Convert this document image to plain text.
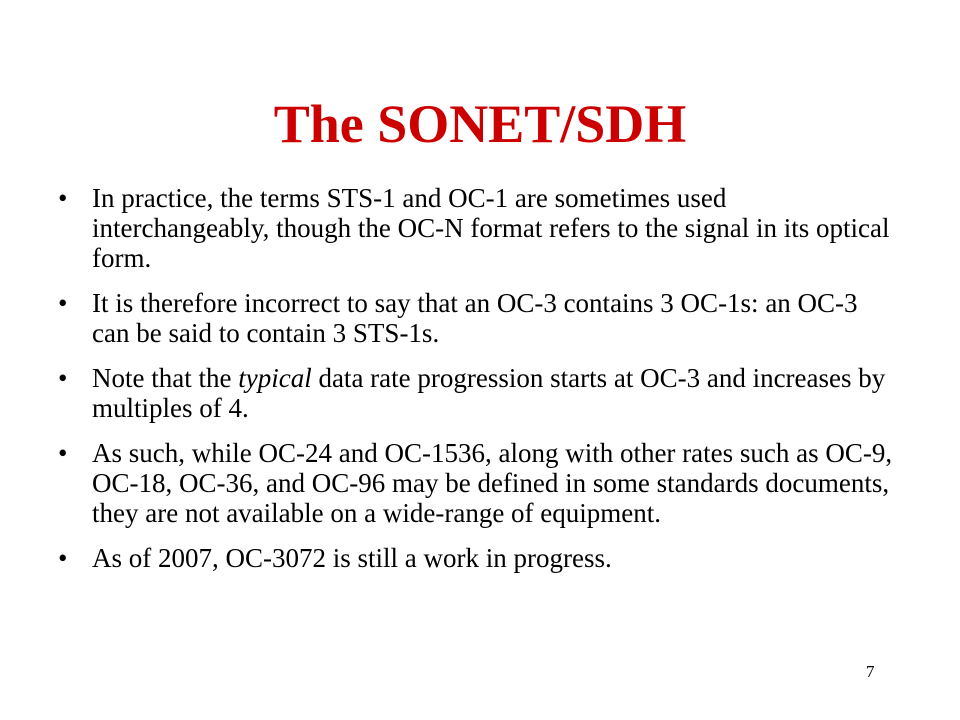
The SONET/SDH
• In practice, the terms STS-1 and OC-1 are sometimes used interchangeably, though the OC-N format refers to the signal in its optical form.
• It is therefore incorrect to say that an OC-3 contains 3 OC-1s: an OC-3 can be said to contain 3 STS-1s.
• Note that the typical data rate progression starts at OC-3 and increases by multiples of 4.
• As such, while OC-24 and OC-1536, along with other rates such as OC-9, OC-18, OC-36, and OC-96 may be defined in some standards documents, they are not available on a wide-range of equipment.
• As of 2007, OC-3072 is still a work in progress.
7
